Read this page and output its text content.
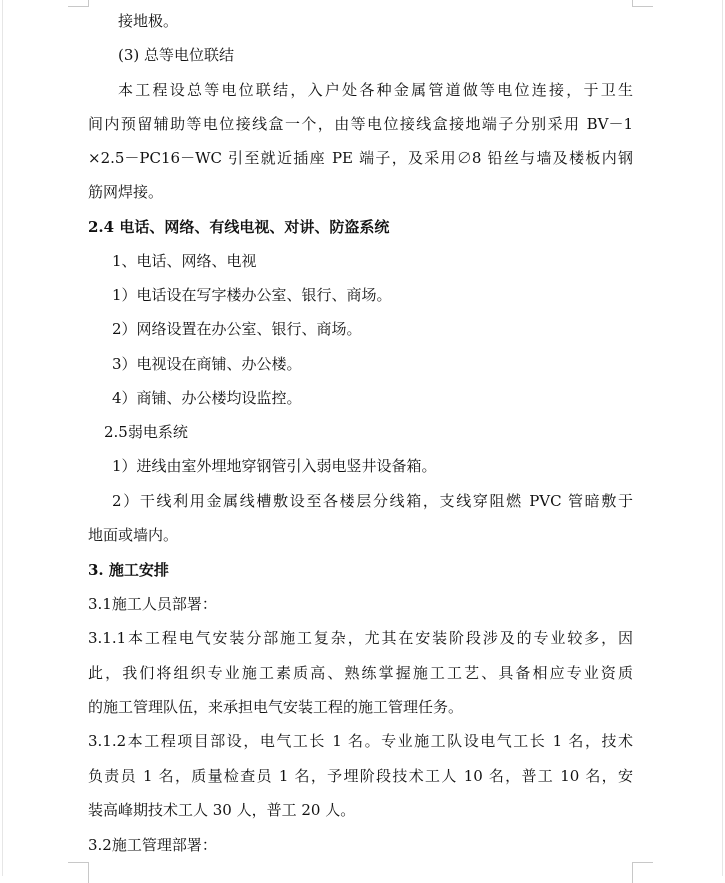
接地极。
(3) 总等电位联结
本工程设总等电位联结，入户处各种金属管道做等电位连接，于卫生
间内预留辅助等电位接线盒一个，由等电位接线盒接地端子分别采用 BV－1
×2.5－PC16－WC 引至就近插座 PE 端子，及采用∅8 铅丝与墙及楼板内钢
筋网焊接。
2.4 电话、网络、有线电视、对讲、防盗系统
1、电话、网络、电视
1）电话设在写字楼办公室、银行、商场。
2）网络设置在办公室、银行、商场。
3）电视设在商铺、办公楼。
4）商铺、办公楼均设监控。
2.5弱电系统
1）进线由室外埋地穿钢管引入弱电竖井设备箱。
2）干线利用金属线槽敷设至各楼层分线箱，支线穿阻燃 PVC 管暗敷于
地面或墙内。
3. 施工安排
3.1施工人员部署：
3.1.1本工程电气安装分部施工复杂，尤其在安装阶段涉及的专业较多，因
此，我们将组织专业施工素质高、熟练掌握施工工艺、具备相应专业资质
的施工管理队伍，来承担电气安装工程的施工管理任务。
3.1.2本工程项目部设，电气工长 1 名。专业施工队设电气工长 1 名，技术
负责员 1 名，质量检查员 1 名，予埋阶段技术工人 10 名，普工 10 名，安
装高峰期技术工人 30 人，普工 20 人。
3.2施工管理部署：
